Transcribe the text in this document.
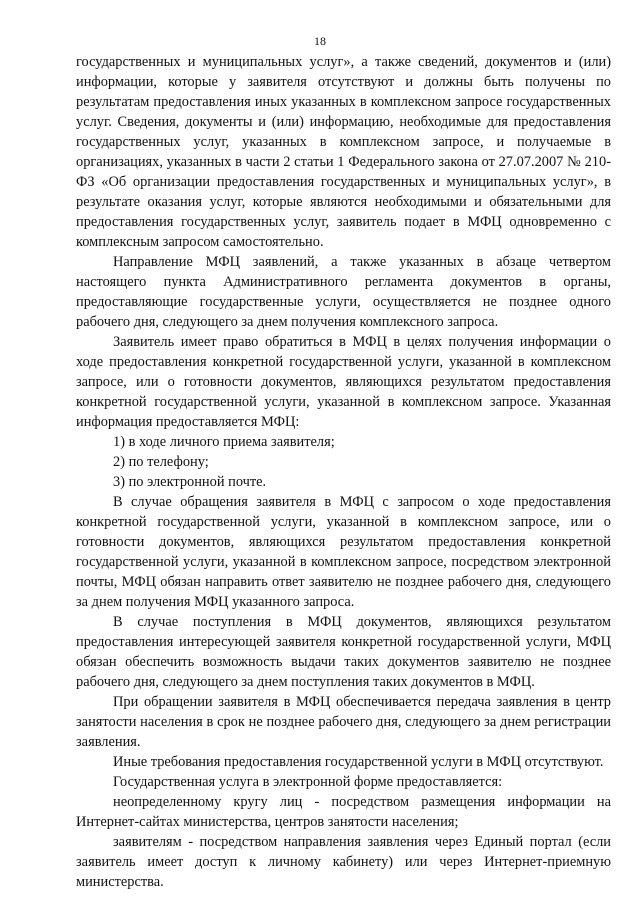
18

государственных и муниципальных услуг», а также сведений, документов и (или) информации, которые у заявителя отсутствуют и должны быть получены по результатам предоставления иных указанных в комплексном запросе государственных услуг. Сведения, документы и (или) информацию, необходимые для предоставления государственных услуг, указанных в комплексном запросе, и получаемые в организациях, указанных в части 2 статьи 1 Федерального закона от 27.07.2007 № 210-ФЗ «Об организации предоставления государственных и муниципальных услуг», в результате оказания услуг, которые являются необходимыми и обязательными для предоставления государственных услуг, заявитель подает в МФЦ одновременно с комплексным запросом самостоятельно.

Направление МФЦ заявлений, а также указанных в абзаце четвертом настоящего пункта Административного регламента документов в органы, предоставляющие государственные услуги, осуществляется не позднее одного рабочего дня, следующего за днем получения комплексного запроса.

Заявитель имеет право обратиться в МФЦ в целях получения информации о ходе предоставления конкретной государственной услуги, указанной в комплексном запросе, или о готовности документов, являющихся результатом предоставления конкретной государственной услуги, указанной в комплексном запросе. Указанная информация предоставляется МФЦ:

1) в ходе личного приема заявителя;

2) по телефону;

3) по электронной почте.

В случае обращения заявителя в МФЦ с запросом о ходе предоставления конкретной государственной услуги, указанной в комплексном запросе, или о готовности документов, являющихся результатом предоставления конкретной государственной услуги, указанной в комплексном запросе, посредством электронной почты, МФЦ обязан направить ответ заявителю не позднее рабочего дня, следующего за днем получения МФЦ указанного запроса.

В случае поступления в МФЦ документов, являющихся результатом предоставления интересующей заявителя конкретной государственной услуги, МФЦ обязан обеспечить возможность выдачи таких документов заявителю не позднее рабочего дня, следующего за днем поступления таких документов в МФЦ.

При обращении заявителя в МФЦ обеспечивается передача заявления в центр занятости населения в срок не позднее рабочего дня, следующего за днем регистрации заявления.

Иные требования предоставления государственной услуги в МФЦ отсутствуют.

Государственная услуга в электронной форме предоставляется:

неопределенному кругу лиц - посредством размещения информации на Интернет-сайтах министерства, центров занятости населения;

заявителям - посредством направления заявления через Единый портал (если заявитель имеет доступ к личному кабинету) или через Интернет-приемную министерства.
